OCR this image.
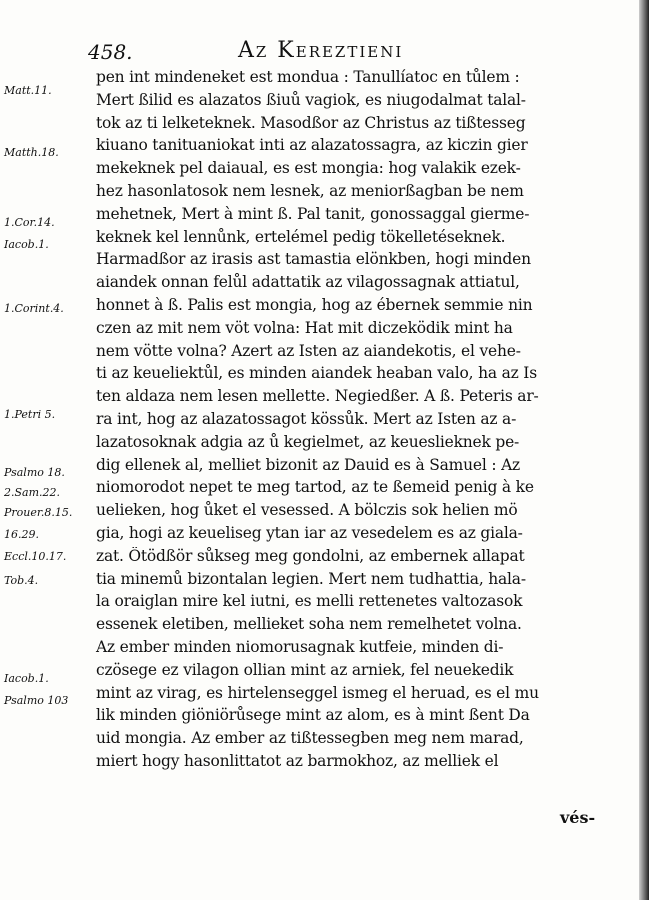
458.	Az Kereztieni
Matt.11.
Matth.18.
1.Cor.14.
Iacob.1.
1.Corint.4.
1.Petri 5.
Psalmo 18.
2.Sam.22.
Prouer.8.15.
16.29.
Eccl.10.17.
Tob.4.
Iacob.1.
Psalmo 103
pen int mindeneket est mondua : Tanullíatoc en tůlem :
Mert ßilid es alazatos ßiuů vagiok, es niugodalmat talal-
tok az ti lelketeknek. Masodßor az Christus az tißtesseg
kiuano tanituaniokat inti az alazatossagra, az kiczin gier
mekeknek pel daiaual, es est mongia: hog valakik ezek-
hez hasonlatosok nem lesnek, az meniorßagban be nem
mehetnek, Mert à mint ß. Pal tanit, gonossaggal gierme-
keknek kel lennůnk, ertelémel pedig tökelletéseknek.
Harmadßor az irasis ast tamastia elönkben, hogi minden
aiandek onnan felůl adattatik az vilagossagnak attiatul,
honnet à ß. Palis est mongia, hog az ébernek semmie nin
czen az mit nem vöt volna: Hat mit diczeködik mint ha
nem vötte volna? Azert az Isten az aiandekotis, el vehe-
ti az keueliektůl, es minden aiandek heaban valo, ha az Is
ten aldaza nem lesen mellette. Negiedßer. A ß. Peteris ar-
ra int, hog az alazatossagot kössůk. Mert az Isten az a-
lazatosoknak adgia az ů kegielmet, az keueslieknek pe-
dig ellenek al, melliet bizonit az Dauid es à Samuel : Az
niomorodot nepet te meg tartod, az te ßemeid penig à ke
uelieken, hog ůket el vesessed. A bölczis sok helien mö
gia, hogi az keueliseg ytan iar az vesedelem es az giala-
zat. Ötödßör sůkseg meg gondolni, az embernek allapat
tia minemů bizontalan legien. Mert nem tudhattia, hala-
la oraiglan mire kel iutni, es melli rettenetes valtozasok
essenek eletiben, mellieket soha nem remelhetet volna.
Az ember minden niomorusagnak kutfeie, minden di-
czösege ez vilagon ollian mint az arniek, fel neuekedik
mint az virag, es hirtelenseggel ismeg el heruad, es el mu
lik minden giöniörůsege mint az alom, es à mint ßent Da
uid mongia. Az ember az tißtessegben meg nem marad,
miert hogy hasonlittatot az barmokhoz, az melliek el
vés-
